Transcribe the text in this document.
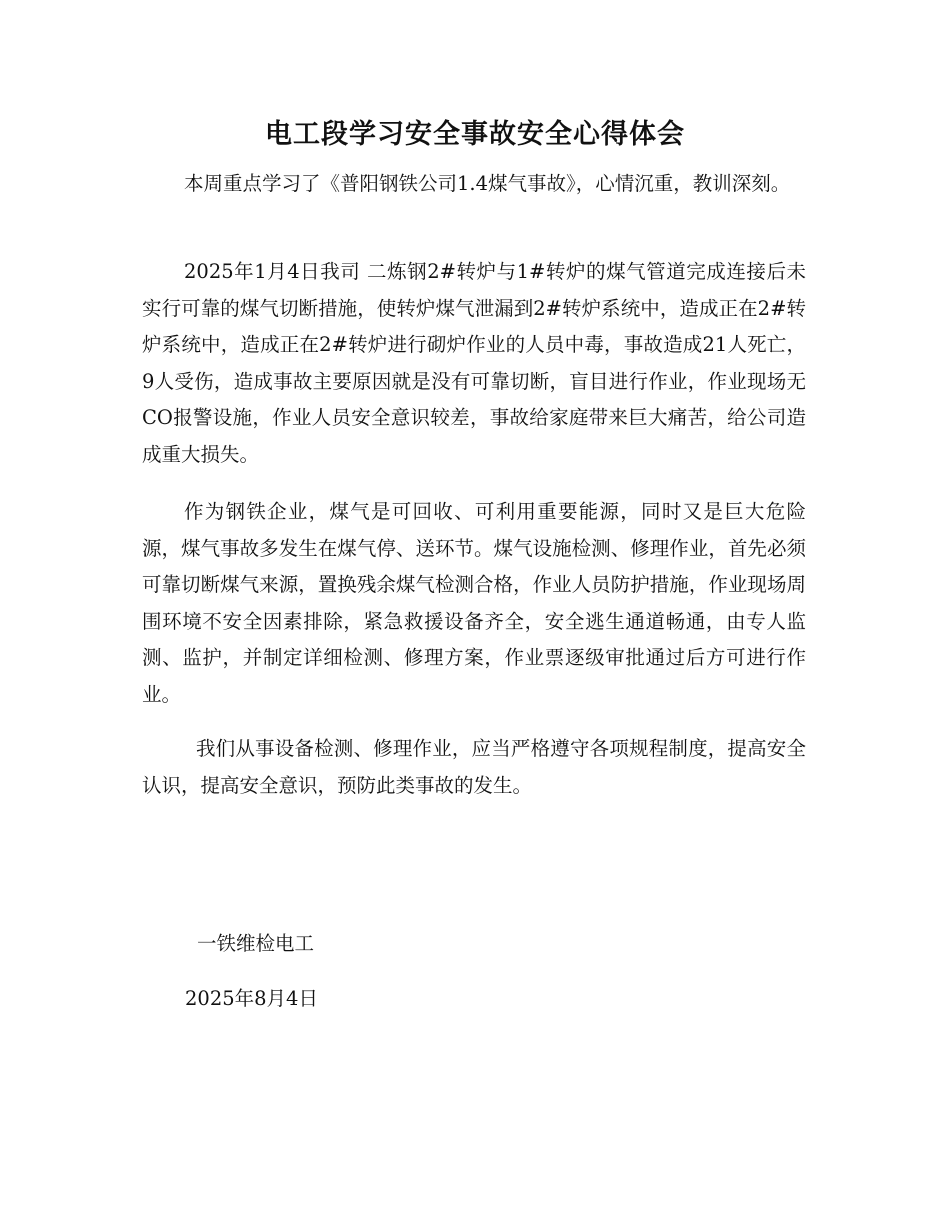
电工段学习安全事故安全心得体会

本周重点学习了《普阳钢铁公司1.4煤气事故》，心情沉重，教训深刻。

2025年1月4日我司 二炼钢2#转炉与1#转炉的煤气管道完成连接后未实行可靠的煤气切断措施，使转炉煤气泄漏到2#转炉系统中，造成正在2#转炉系统中，造成正在2#转炉进行砌炉作业的人员中毒，事故造成21人死亡，9人受伤，造成事故主要原因就是没有可靠切断，盲目进行作业，作业现场无CO报警设施，作业人员安全意识较差，事故给家庭带来巨大痛苦，给公司造成重大损失。

作为钢铁企业，煤气是可回收、可利用重要能源，同时又是巨大危险源，煤气事故多发生在煤气停、送环节。煤气设施检测、修理作业，首先必须可靠切断煤气来源，置换残余煤气检测合格，作业人员防护措施，作业现场周围环境不安全因素排除，紧急救援设备齐全，安全逃生通道畅通，由专人监测、监护，并制定详细检测、修理方案，作业票逐级审批通过后方可进行作业。

我们从事设备检测、修理作业，应当严格遵守各项规程制度，提高安全认识，提高安全意识，预防此类事故的发生。

一铁维检电工

2025年8月4日
